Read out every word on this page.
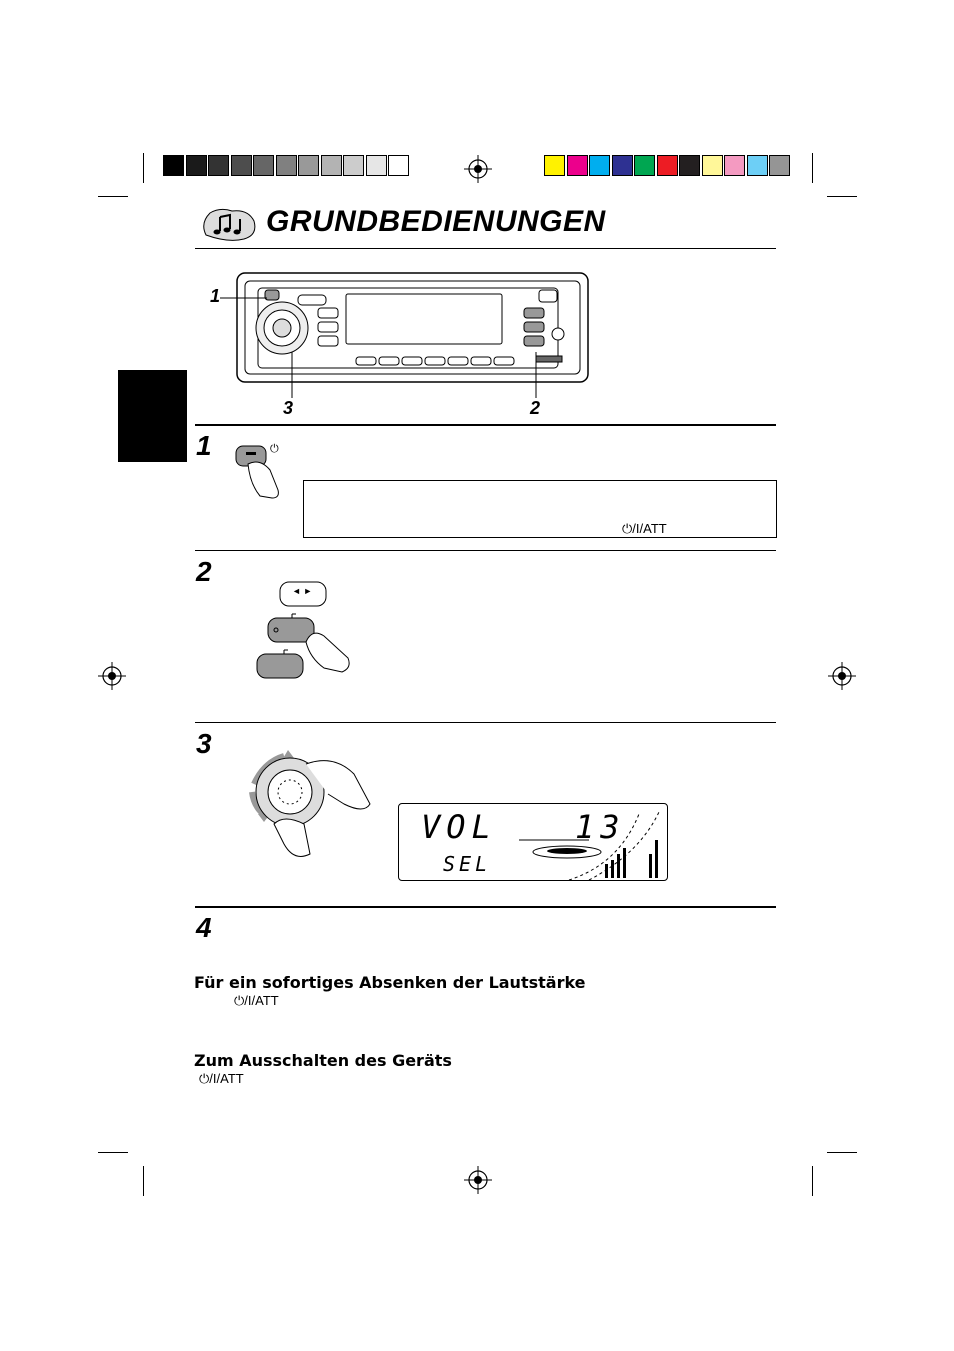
GRUNDBEDIENUNGEN
1
3	2
1	⏻
⏻/I/ATT
2
◄ ►
3
VOL 13
SEL
4
Für ein sofortiges Absenken der Lautstärke
⏻/I/ATT
Zum Ausschalten des Geräts
⏻/I/ATT
